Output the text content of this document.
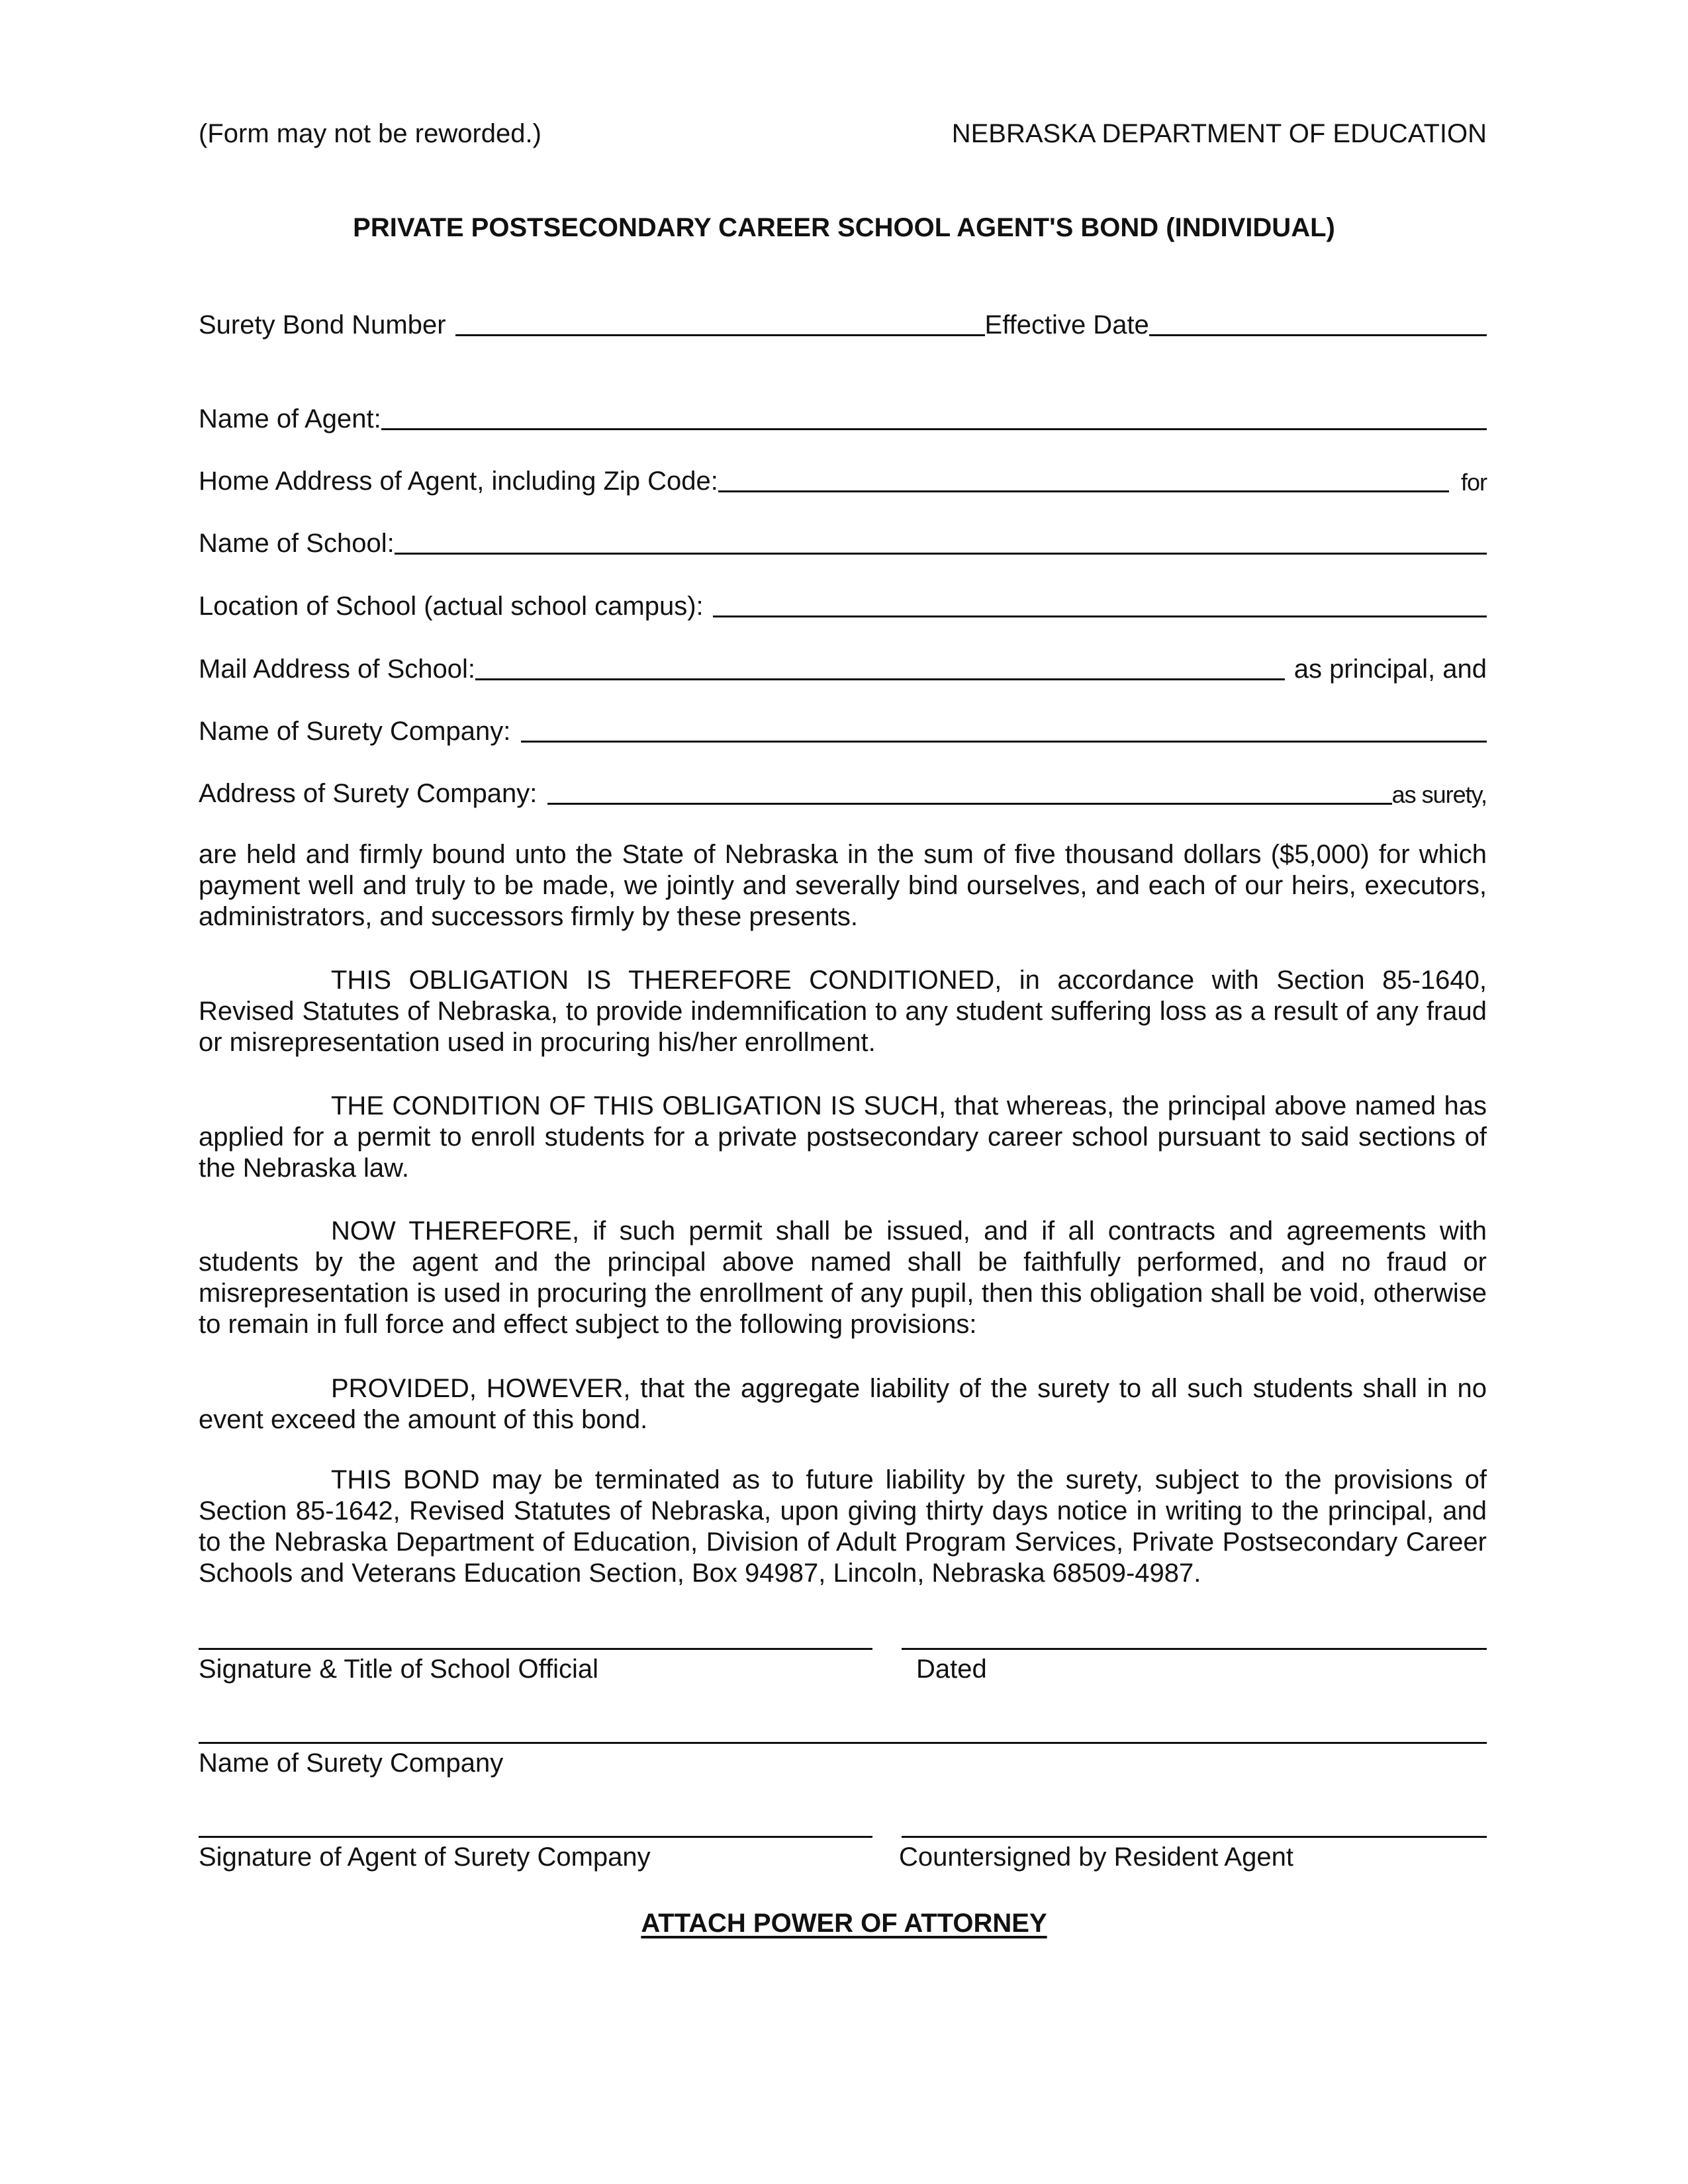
(Form may not be reworded.)	NEBRASKA DEPARTMENT OF EDUCATION
PRIVATE POSTSECONDARY CAREER SCHOOL AGENT'S BOND (INDIVIDUAL)
Surety Bond Number	Effective Date
Name of Agent:
Home Address of Agent, including Zip Code:	for
Name of School:
Location of School (actual school campus):
Mail Address of School:	as principal, and
Name of Surety Company:
Address of Surety Company:	as surety,
are held and firmly bound unto the State of Nebraska in the sum of five thousand dollars ($5,000) for which payment well and truly to be made, we jointly and severally bind ourselves, and each of our heirs, executors, administrators, and successors firmly by these presents.
THIS OBLIGATION IS THEREFORE CONDITIONED, in accordance with Section 85-1640, Revised Statutes of Nebraska, to provide indemnification to any student suffering loss as a result of any fraud or misrepresentation used in procuring his/her enrollment.
THE CONDITION OF THIS OBLIGATION IS SUCH, that whereas, the principal above named has applied for a permit to enroll students for a private postsecondary career school pursuant to said sections of the Nebraska law.
NOW THEREFORE, if such permit shall be issued, and if all contracts and agreements with students by the agent and the principal above named shall be faithfully performed, and no fraud or misrepresentation is used in procuring the enrollment of any pupil, then this obligation shall be void, otherwise to remain in full force and effect subject to the following provisions:
PROVIDED, HOWEVER, that the aggregate liability of the surety to all such students shall in no event exceed the amount of this bond.
THIS BOND may be terminated as to future liability by the surety, subject to the provisions of Section 85-1642, Revised Statutes of Nebraska, upon giving thirty days notice in writing to the principal, and to the Nebraska Department of Education, Division of Adult Program Services, Private Postsecondary Career Schools and Veterans Education Section, Box 94987, Lincoln, Nebraska 68509-4987.
Signature & Title of School Official	Dated
Name of Surety Company
Signature of Agent of Surety Company	Countersigned by Resident Agent
ATTACH POWER OF ATTORNEY
